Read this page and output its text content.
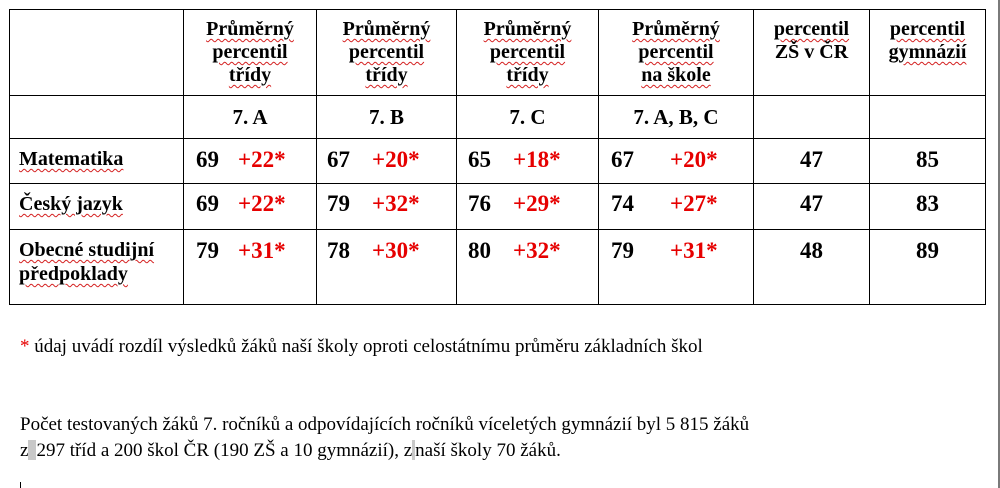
	Průměrný
percentil
třídy	Průměrný
percentil
třídy	Průměrný
percentil
třídy	Průměrný
percentil
na škole	percentil
ZŠ v ČR	percentil
gymnázií
	7. A	7. B	7. C	7. A, B, C		
Matematika	69 +22*	67 +20*	65 +18*	67 +20*	47	85
Český jazyk	69 +22*	79 +32*	76 +29*	74 +27*	47	83
Obecné studijní
předpoklady	79 +31*	78 +30*	80 +32*	79 +31*	48	89
* údaj uvádí rozdíl výsledků žáků naší školy oproti celostátnímu průměru základních škol
Počet testovaných žáků 7. ročníků a odpovídajících ročníků víceletých gymnázií byl 5 815 žáků
z 297 tříd a 200 škol ČR (190 ZŠ a 10 gymnázií), z naší školy 70 žáků.
